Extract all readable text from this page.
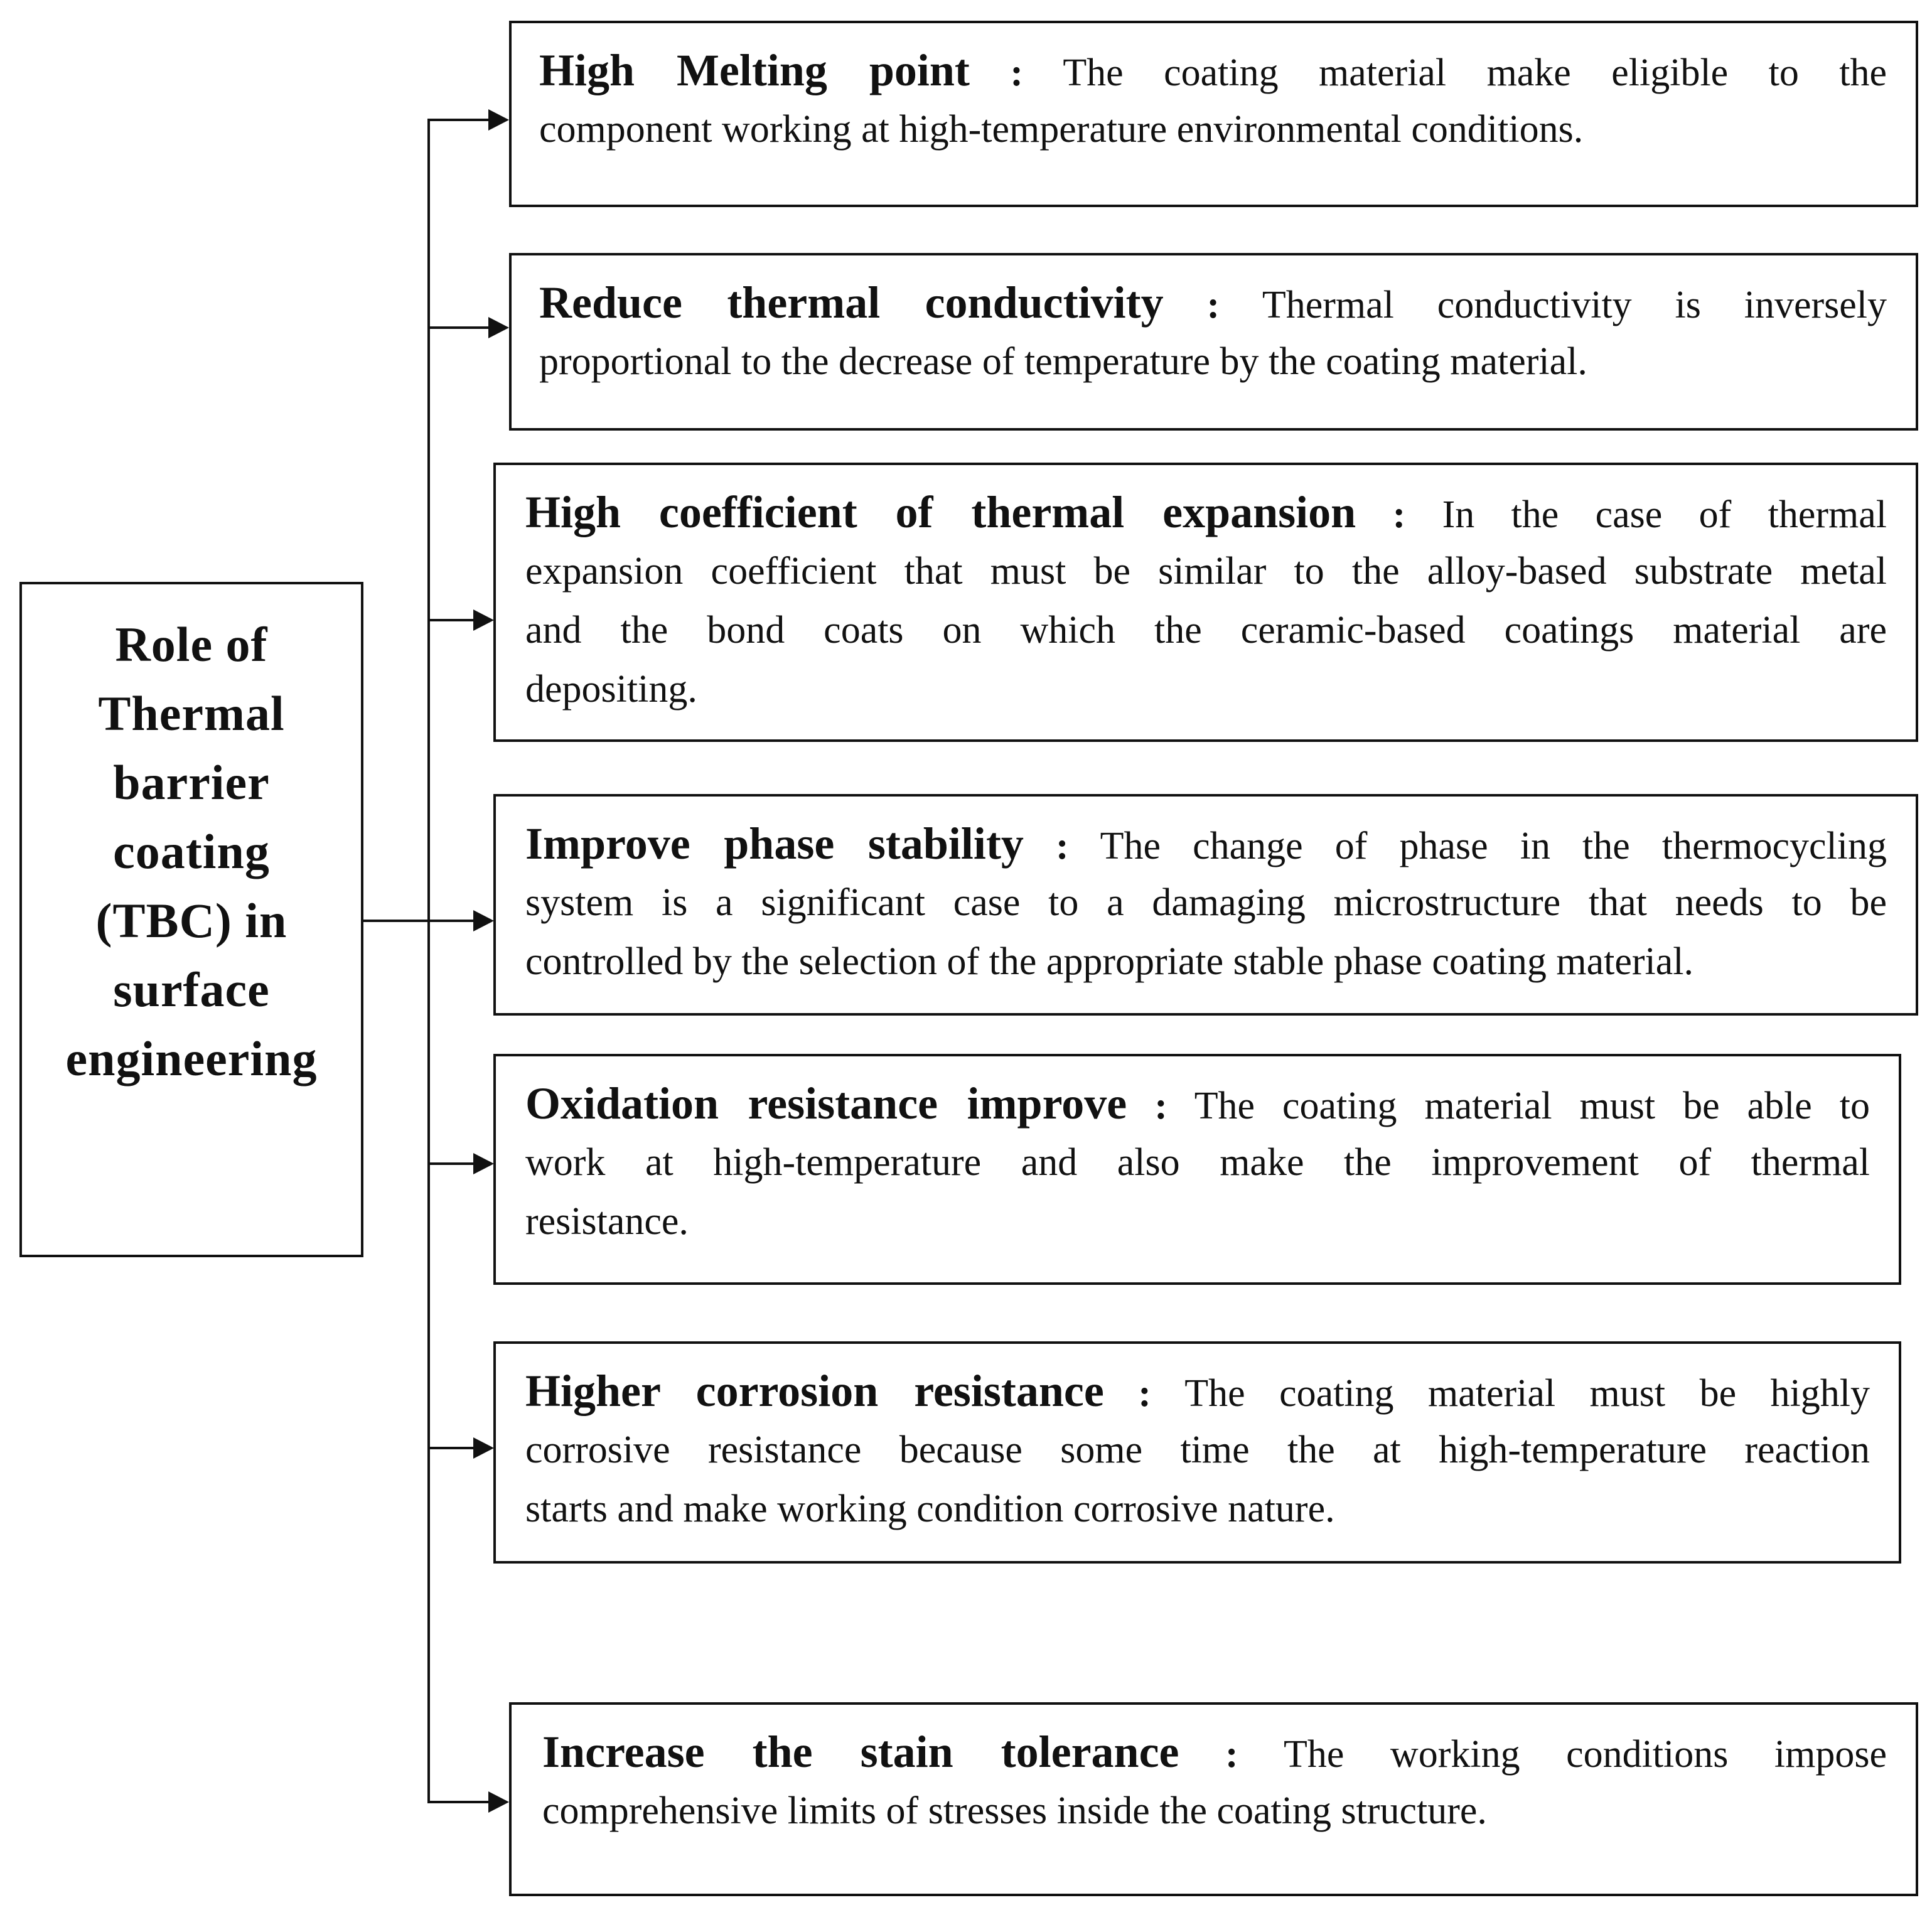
Role of
Thermal
barrier
coating
(TBC) in
surface
engineering
High Melting point : The coating material make eligible to the
component working at high-temperature environmental conditions.
Reduce thermal conductivity : Thermal conductivity is inversely
proportional to the decrease of temperature by the coating material.
High coefficient of thermal expansion : In the case of thermal
expansion coefficient that must be similar to the alloy-based substrate metal
and the bond coats on which the ceramic-based coatings material are
depositing.
Improve phase stability : The change of phase in the thermocycling
system is a significant case to a damaging microstructure that needs to be
controlled by the selection of the appropriate stable phase coating material.
Oxidation resistance improve : The coating material must be able to
work at high-temperature and also make the improvement of thermal
resistance.
Higher corrosion resistance : The coating material must be highly
corrosive resistance because some time the at high-temperature reaction
starts and make working condition corrosive nature.
Increase the stain tolerance : The working conditions impose
comprehensive limits of stresses inside the coating structure.
